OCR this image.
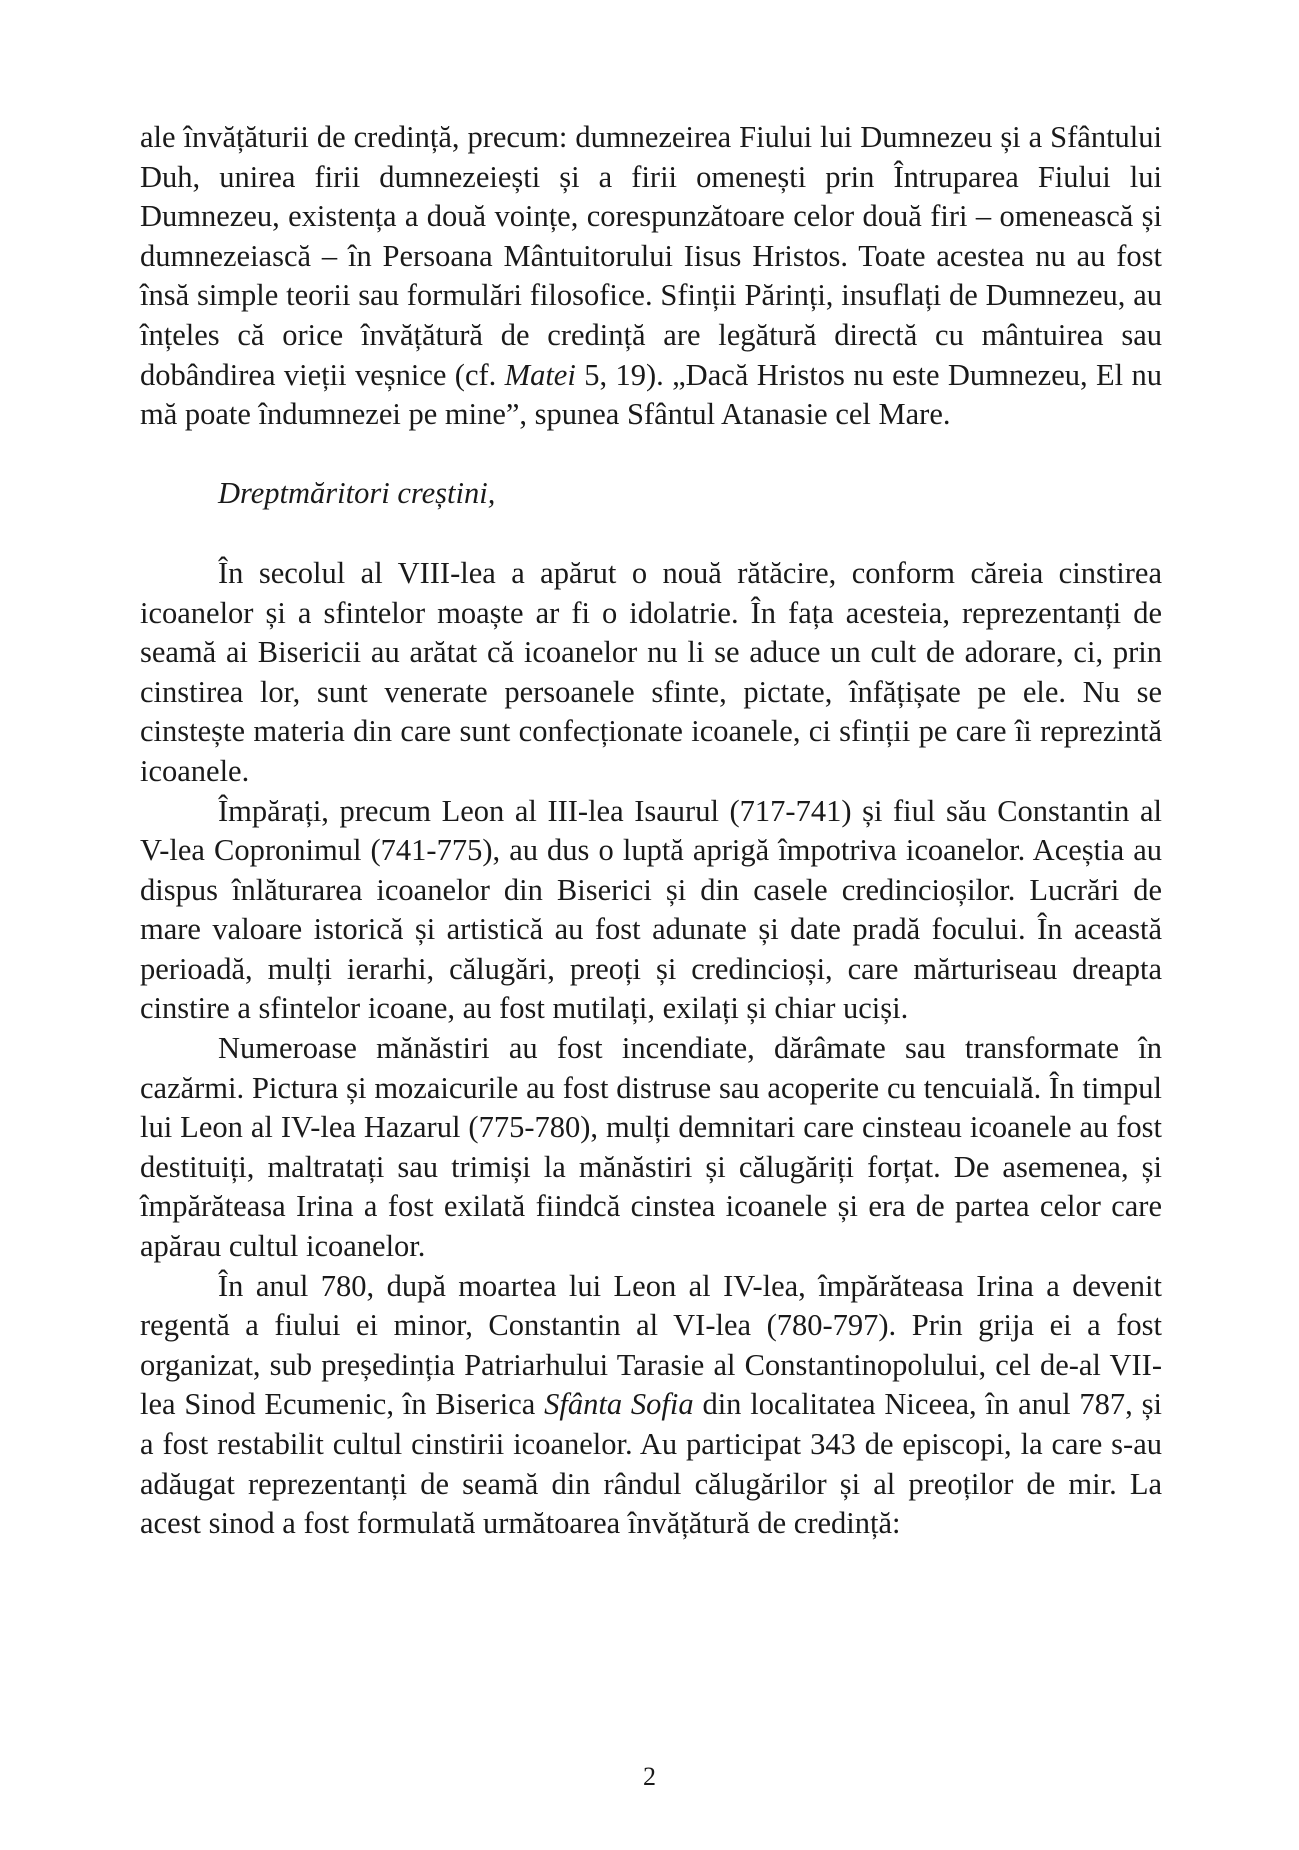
ale învățăturii de credință, precum: dumnezeirea Fiului lui Dumnezeu și a Sfântului Duh, unirea firii dumnezeiești și a firii omenești prin Întruparea Fiului lui Dumnezeu, existența a două voințe, corespunzătoare celor două firi – omenească și dumnezeiască – în Persoana Mântuitorului Iisus Hristos. Toate acestea nu au fost însă simple teorii sau formulări filosofice. Sfinții Părinți, insuflați de Dumnezeu, au înțeles că orice învățătură de credință are legătură directă cu mântuirea sau dobândirea vieții veșnice (cf. Matei 5, 19). „Dacă Hristos nu este Dumnezeu, El nu mă poate îndumnezei pe mine”, spunea Sfântul Atanasie cel Mare.

Dreptmăritori creștini,

În secolul al VIII-lea a apărut o nouă rătăcire, conform căreia cinstirea icoanelor și a sfintelor moaște ar fi o idolatrie. În fața acesteia, reprezentanți de seamă ai Bisericii au arătat că icoanelor nu li se aduce un cult de adorare, ci, prin cinstirea lor, sunt venerate persoanele sfinte, pictate, înfățișate pe ele. Nu se cinstește materia din care sunt confecționate icoanele, ci sfinții pe care îi reprezintă icoanele.

Împărați, precum Leon al III-lea Isaurul (717-741) și fiul său Constantin al V-lea Copronimul (741-775), au dus o luptă aprigă împotriva icoanelor. Aceștia au dispus înlăturarea icoanelor din Biserici și din casele credincioșilor. Lucrări de mare valoare istorică și artistică au fost adunate și date pradă focului. În această perioadă, mulți ierarhi, călugări, preoți și credincioși, care mărturiseau dreapta cinstire a sfintelor icoane, au fost mutilați, exilați și chiar uciși.

Numeroase mănăstiri au fost incendiate, dărâmate sau transformate în cazărmi. Pictura și mozaicurile au fost distruse sau acoperite cu tencuială. În timpul lui Leon al IV-lea Hazarul (775-780), mulți demnitari care cinsteau icoanele au fost destituiți, maltratați sau trimiși la mănăstiri și călugăriți forțat. De asemenea, și împărăteasa Irina a fost exilată fiindcă cinstea icoanele și era de partea celor care apărau cultul icoanelor.

În anul 780, după moartea lui Leon al IV-lea, împărăteasa Irina a devenit regentă a fiului ei minor, Constantin al VI-lea (780-797). Prin grija ei a fost organizat, sub președinția Patriarhului Tarasie al Constantinopolului, cel de-al VII-lea Sinod Ecumenic, în Biserica Sfânta Sofia din localitatea Niceea, în anul 787, și a fost restabilit cultul cinstirii icoanelor. Au participat 343 de episcopi, la care s-au adăugat reprezentanți de seamă din rândul călugărilor și al preoților de mir. La acest sinod a fost formulată următoarea învățătură de credință:

2
